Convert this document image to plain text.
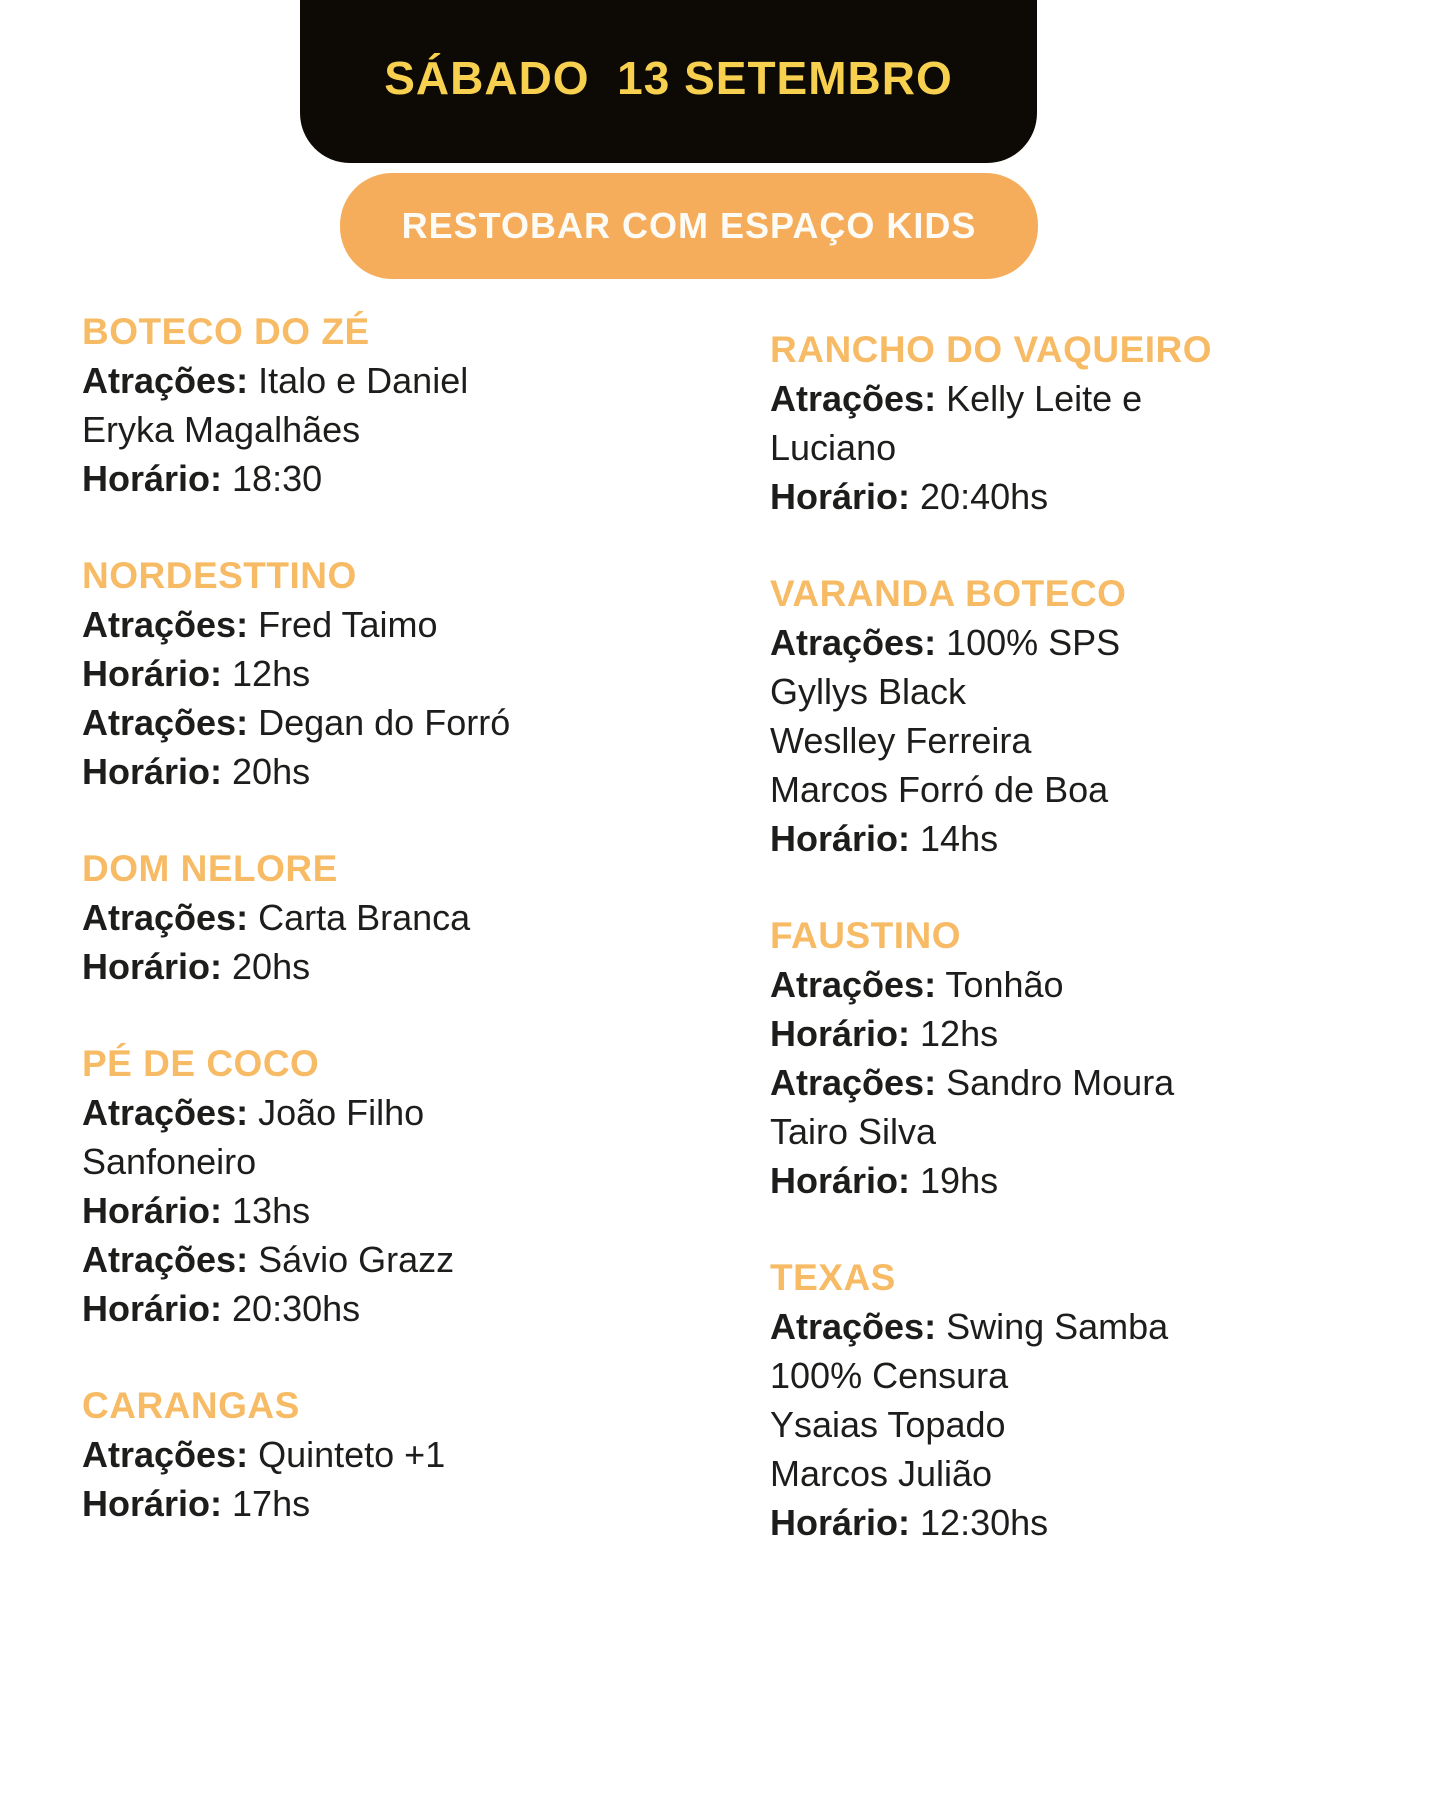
SÁBADO  13 SETEMBRO
RESTOBAR COM ESPAÇO KIDS
BOTECO DO ZÉ
Atrações: Italo e Daniel
Eryka Magalhães
Horário: 18:30
NORDESTTINO
Atrações: Fred Taimo
Horário: 12hs
Atrações: Degan do Forró
Horário: 20hs
DOM NELORE
Atrações: Carta Branca
Horário: 20hs
PÉ DE COCO
Atrações: João Filho
Sanfoneiro
Horário: 13hs
Atrações: Sávio Grazz
Horário: 20:30hs
CARANGAS
Atrações: Quinteto +1
Horário: 17hs
RANCHO DO VAQUEIRO
Atrações: Kelly Leite e
Luciano
Horário: 20:40hs
VARANDA BOTECO
Atrações: 100% SPS
Gyllys Black
Weslley Ferreira
Marcos Forró de Boa
Horário: 14hs
FAUSTINO
Atrações: Tonhão
Horário: 12hs
Atrações: Sandro Moura
Tairo Silva
Horário: 19hs
TEXAS
Atrações: Swing Samba
100% Censura
Ysaias Topado
Marcos Julião
Horário: 12:30hs
